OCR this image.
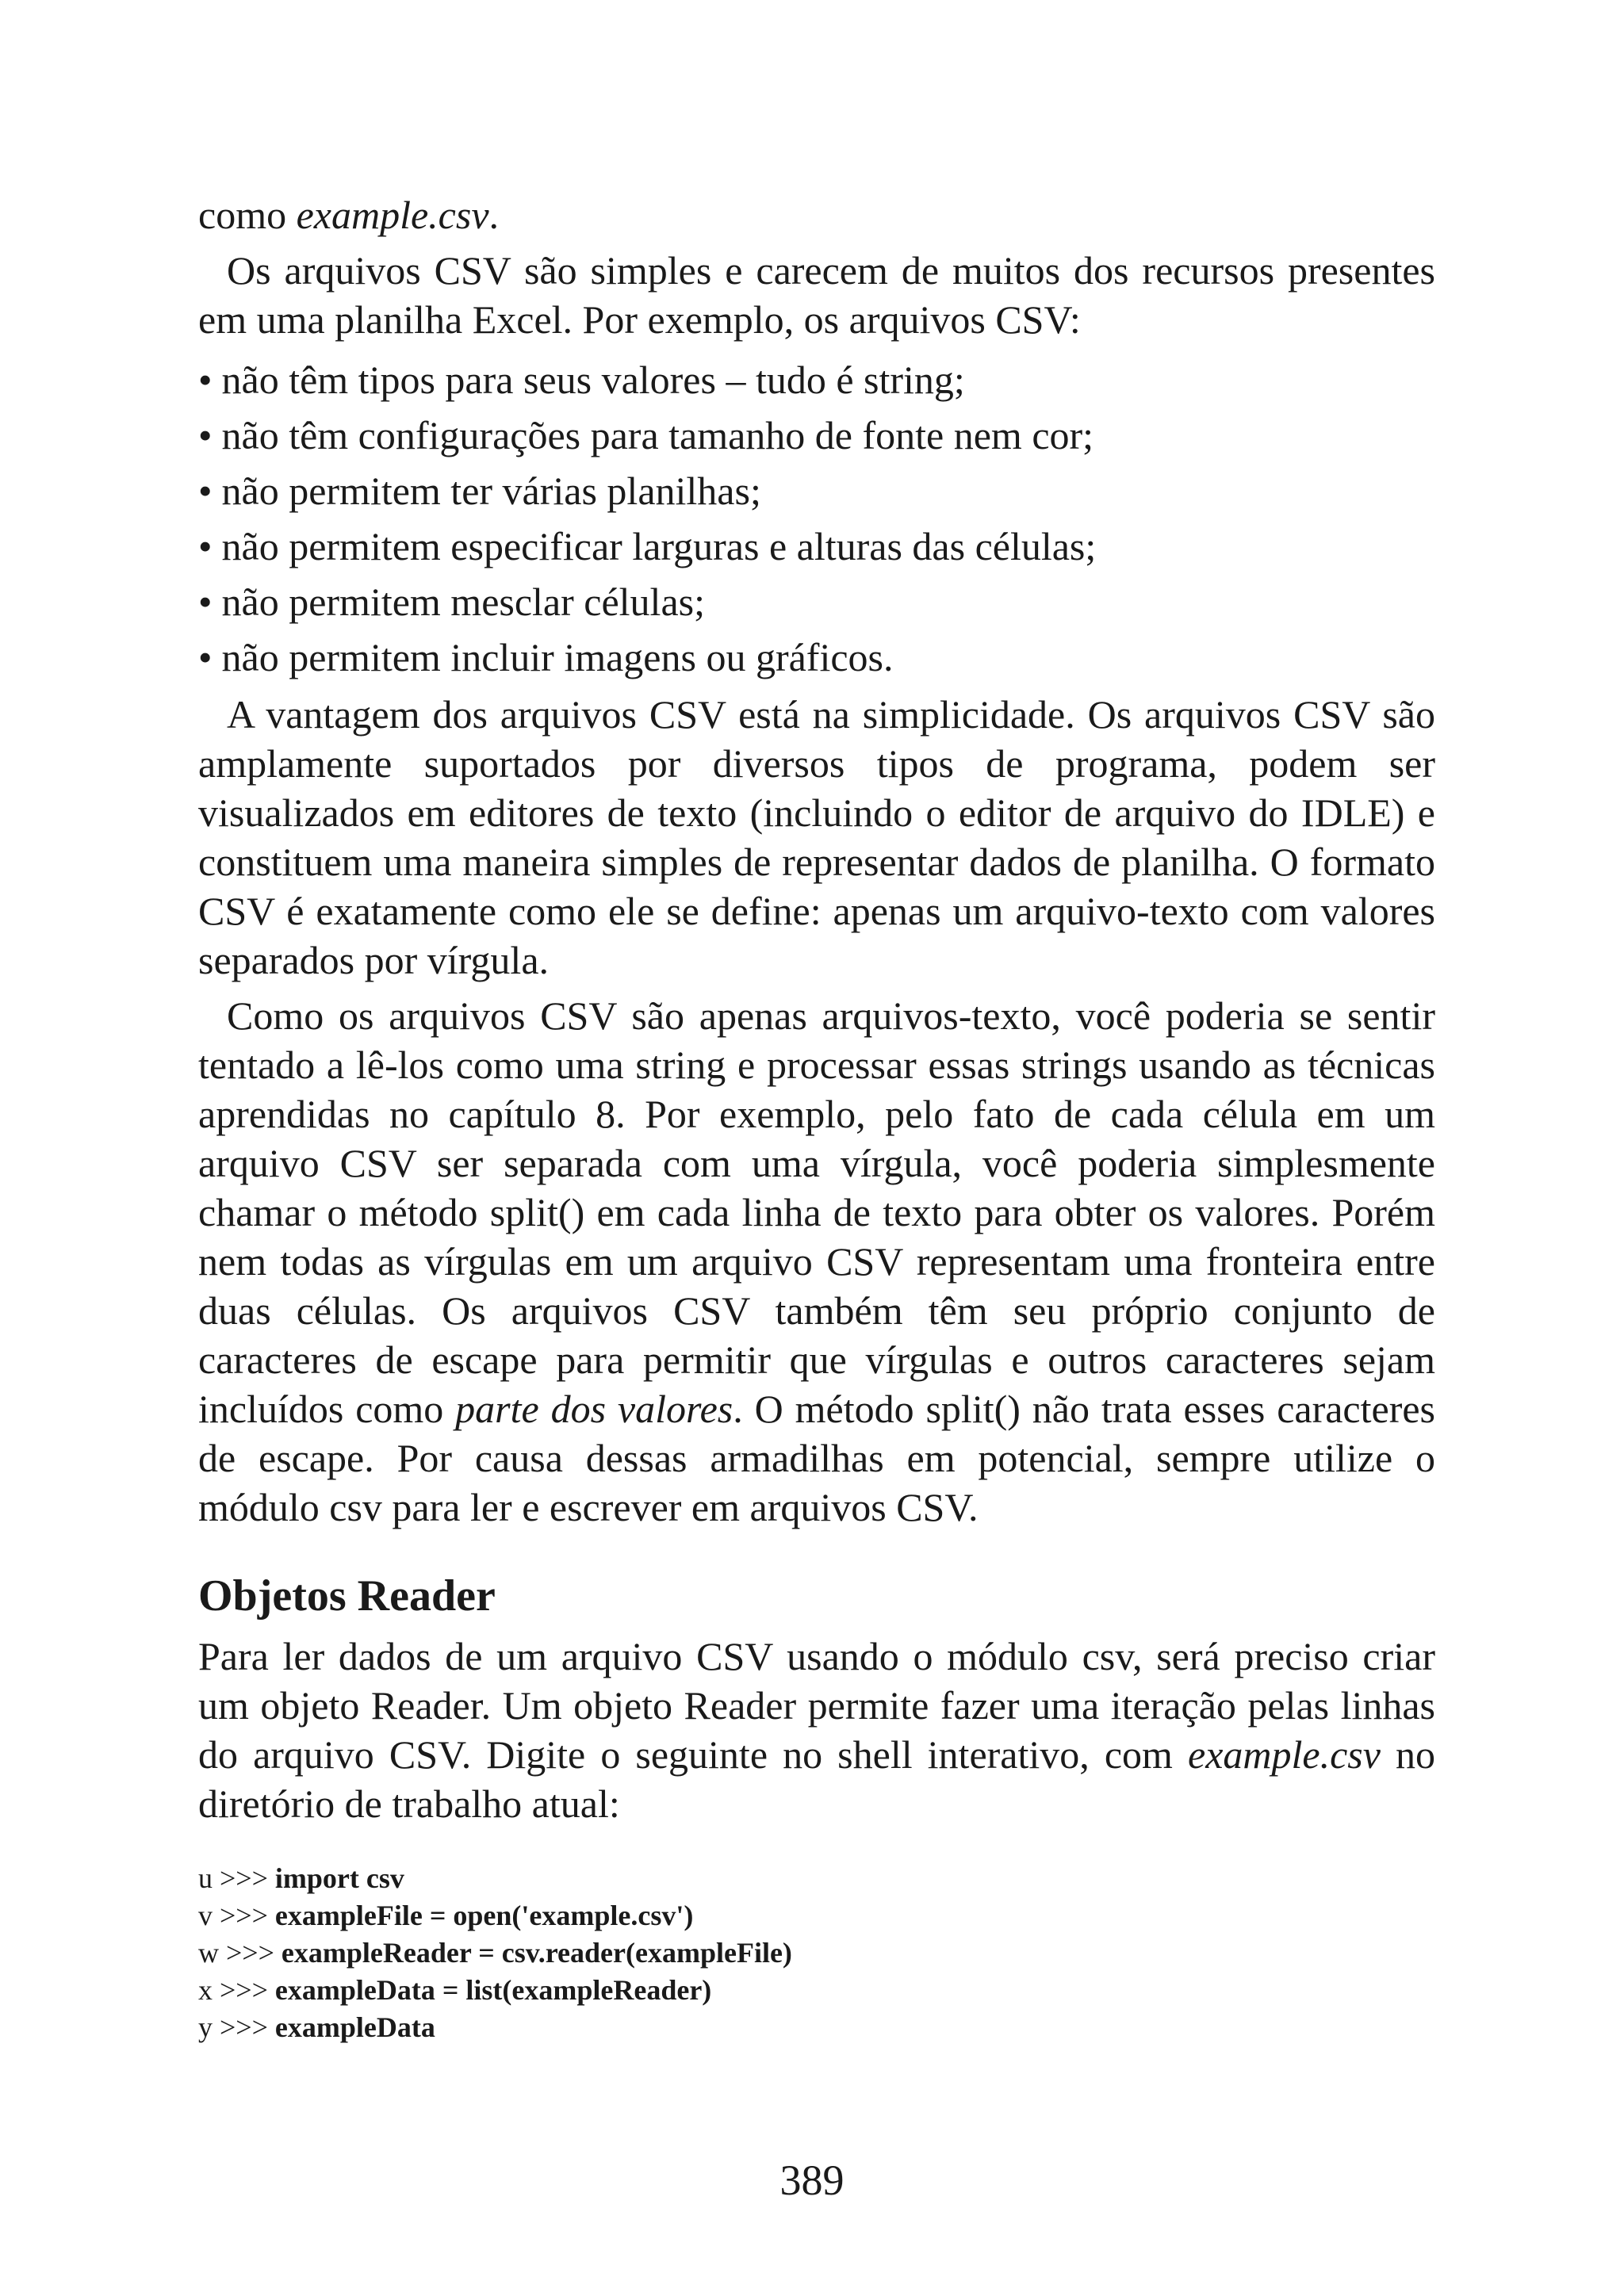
como example.csv.

Os arquivos CSV são simples e carecem de muitos dos recursos presentes em uma planilha Excel. Por exemplo, os arquivos CSV:

• não têm tipos para seus valores – tudo é string;
• não têm configurações para tamanho de fonte nem cor;
• não permitem ter várias planilhas;
• não permitem especificar larguras e alturas das células;
• não permitem mesclar células;
• não permitem incluir imagens ou gráficos.

A vantagem dos arquivos CSV está na simplicidade. Os arquivos CSV são amplamente suportados por diversos tipos de programa, podem ser visualizados em editores de texto (incluindo o editor de arquivo do IDLE) e constituem uma maneira simples de representar dados de planilha. O formato CSV é exatamente como ele se define: apenas um arquivo-texto com valores separados por vírgula.

Como os arquivos CSV são apenas arquivos-texto, você poderia se sentir tentado a lê-los como uma string e processar essas strings usando as técnicas aprendidas no capítulo 8. Por exemplo, pelo fato de cada célula em um arquivo CSV ser separada com uma vírgula, você poderia simplesmente chamar o método split() em cada linha de texto para obter os valores. Porém nem todas as vírgulas em um arquivo CSV representam uma fronteira entre duas células. Os arquivos CSV também têm seu próprio conjunto de caracteres de escape para permitir que vírgulas e outros caracteres sejam incluídos como parte dos valores. O método split() não trata esses caracteres de escape. Por causa dessas armadilhas em potencial, sempre utilize o módulo csv para ler e escrever em arquivos CSV.

Objetos Reader

Para ler dados de um arquivo CSV usando o módulo csv, será preciso criar um objeto Reader. Um objeto Reader permite fazer uma iteração pelas linhas do arquivo CSV. Digite o seguinte no shell interativo, com example.csv no diretório de trabalho atual:

u >>> import csv
v >>> exampleFile = open('example.csv')
w >>> exampleReader = csv.reader(exampleFile)
x >>> exampleData = list(exampleReader)
y >>> exampleData
389
